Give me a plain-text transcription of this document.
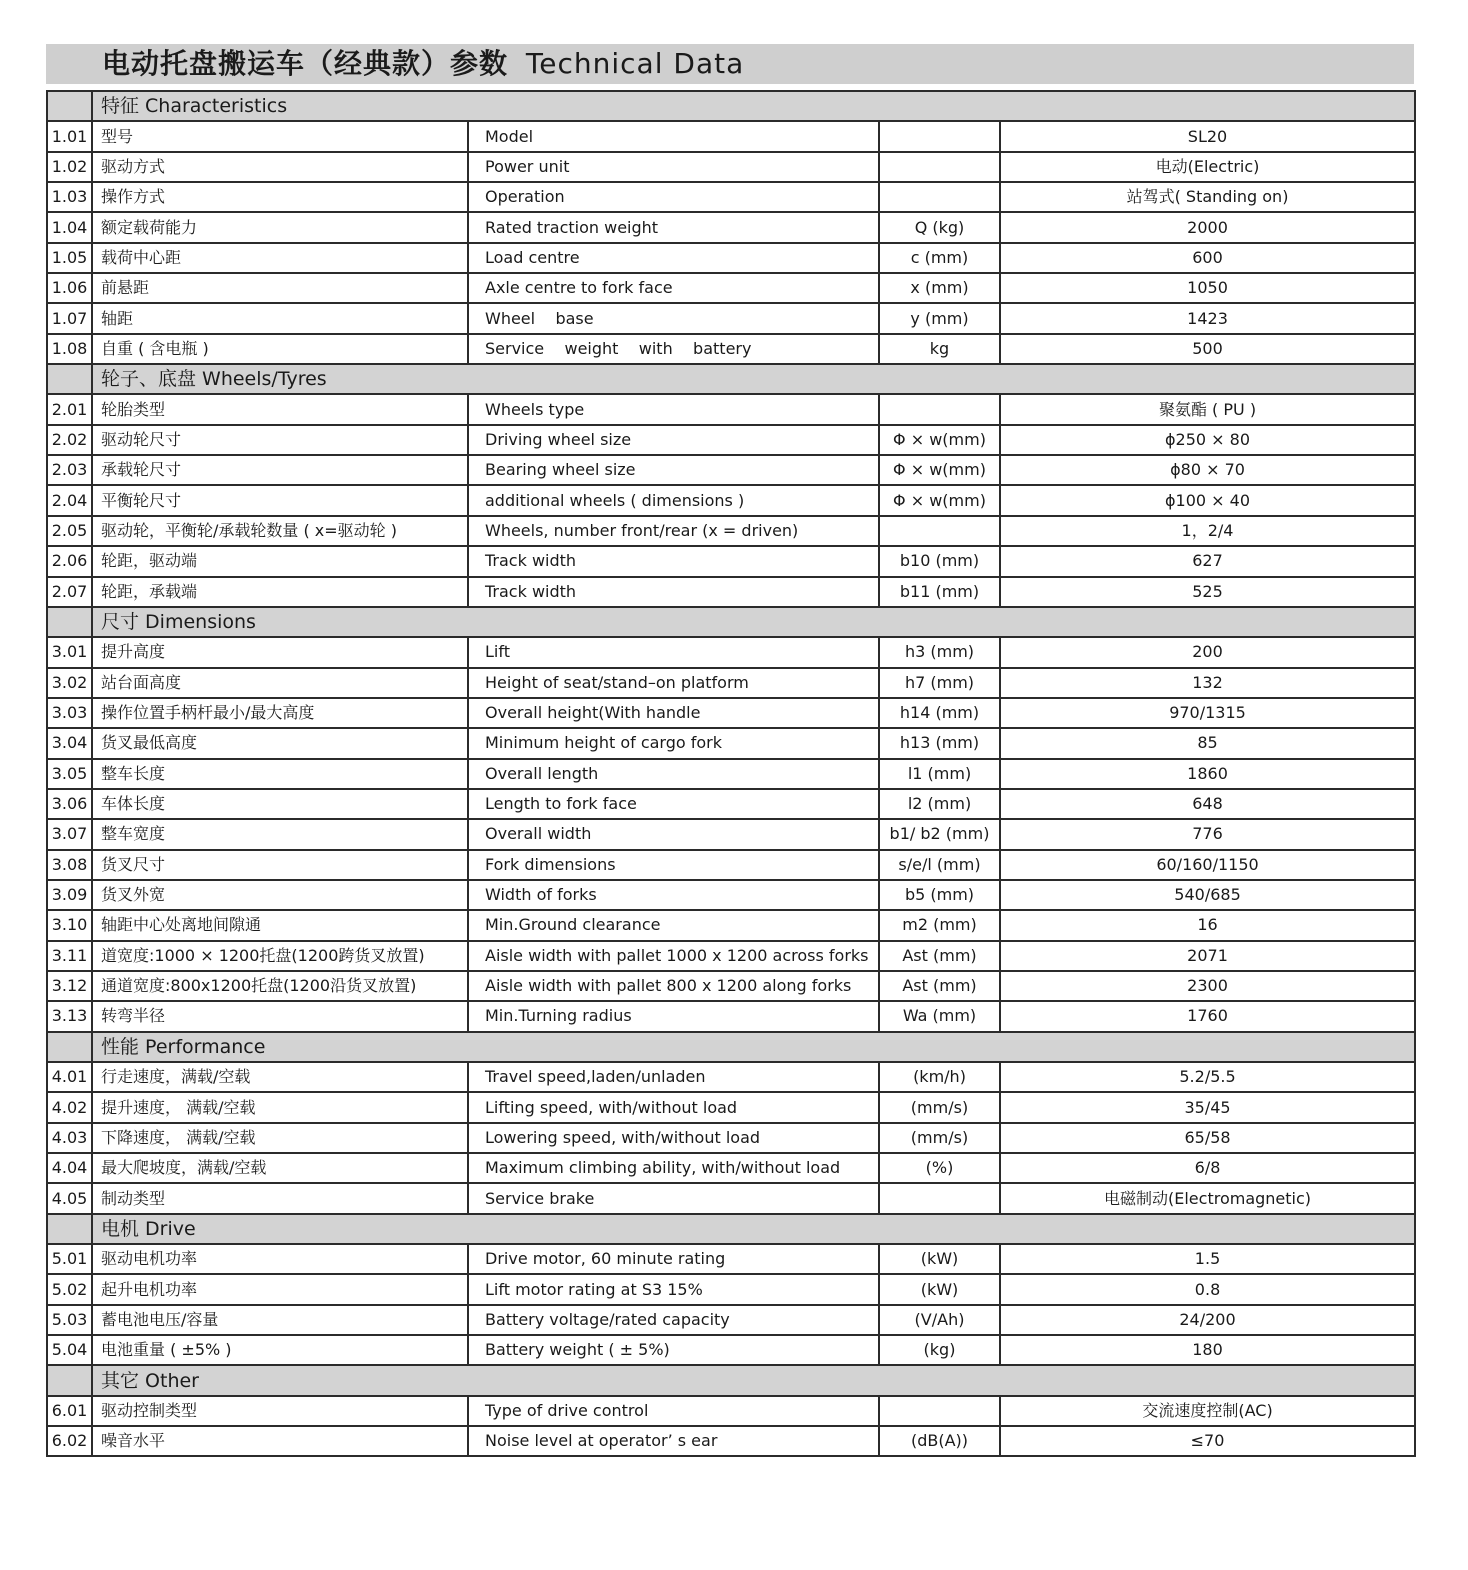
电动托盘搬运车（经典款）参数 Technical Data
	特征 Characteristics			
1.01	型号	Model		SL20
1.02	驱动方式	Power unit		电动(Electric)
1.03	操作方式	Operation		站驾式( Standing on)
1.04	额定载荷能力	Rated traction weight	Q (kg)	2000
1.05	载荷中心距	Load centre	c (mm)	600
1.06	前悬距	Axle centre to fork face	x (mm)	1050
1.07	轴距	Wheel    base	y (mm)	1423
1.08	自重 ( 含电瓶 )	Service    weight    with    battery	kg	500
	轮子、底盘 Wheels/Tyres			
2.01	轮胎类型	Wheels type		聚氨酯 ( PU )
2.02	驱动轮尺寸	Driving wheel size	Φ × w(mm)	ϕ250 × 80
2.03	承载轮尺寸	Bearing wheel size	Φ × w(mm)	ϕ80 × 70
2.04	平衡轮尺寸	additional wheels ( dimensions )	Φ × w(mm)	ϕ100 × 40
2.05	驱动轮，平衡轮/承载轮数量 ( x=驱动轮 )	Wheels, number front/rear (x = driven)		1，2/4
2.06	轮距，驱动端	Track width	b10 (mm)	627
2.07	轮距，承载端	Track width	b11 (mm)	525
	尺寸 Dimensions			
3.01	提升高度	Lift	h3 (mm)	200
3.02	站台面高度	Height of seat/stand–on platform	h7 (mm)	132
3.03	操作位置手柄杆最小/最大高度	Overall height(With handle	h14 (mm)	970/1315
3.04	货叉最低高度	Minimum height of cargo fork	h13 (mm)	85
3.05	整车长度	Overall length	l1 (mm)	1860
3.06	车体长度	Length to fork face	l2 (mm)	648
3.07	整车宽度	Overall width	b1/ b2 (mm)	776
3.08	货叉尺寸	Fork dimensions	s/e/l (mm)	60/160/1150
3.09	货叉外宽	Width of forks	b5 (mm)	540/685
3.10	轴距中心处离地间隙通	Min.Ground clearance	m2 (mm)	16
3.11	道宽度:1000 × 1200托盘(1200跨货叉放置)	Aisle width with pallet 1000 x 1200 across forks	Ast (mm)	2071
3.12	通道宽度:800x1200托盘(1200沿货叉放置)	Aisle width with pallet 800 x 1200 along forks	Ast (mm)	2300
3.13	转弯半径	Min.Turning radius	Wa (mm)	1760
	性能 Performance			
4.01	行走速度，满载/空载	Travel speed,laden/unladen	(km/h)	5.2/5.5
4.02	提升速度， 满载/空载	Lifting speed, with/without load	(mm/s)	35/45
4.03	下降速度， 满载/空载	Lowering speed, with/without load	(mm/s)	65/58
4.04	最大爬坡度，满载/空载	Maximum climbing ability, with/without load	(%)	6/8
4.05	制动类型	Service brake		电磁制动(Electromagnetic)
	电机 Drive			
5.01	驱动电机功率	Drive motor, 60 minute rating	(kW)	1.5
5.02	起升电机功率	Lift motor rating at S3 15%	(kW)	0.8
5.03	蓄电池电压/容量	Battery voltage/rated capacity	(V/Ah)	24/200
5.04	电池重量 ( ±5% )	Battery weight ( ± 5%)	(kg)	180
	其它 Other			
6.01	驱动控制类型	Type of drive control		交流速度控制(AC)
6.02	噪音水平	Noise level at operator’ s ear	(dB(A))	≤70
